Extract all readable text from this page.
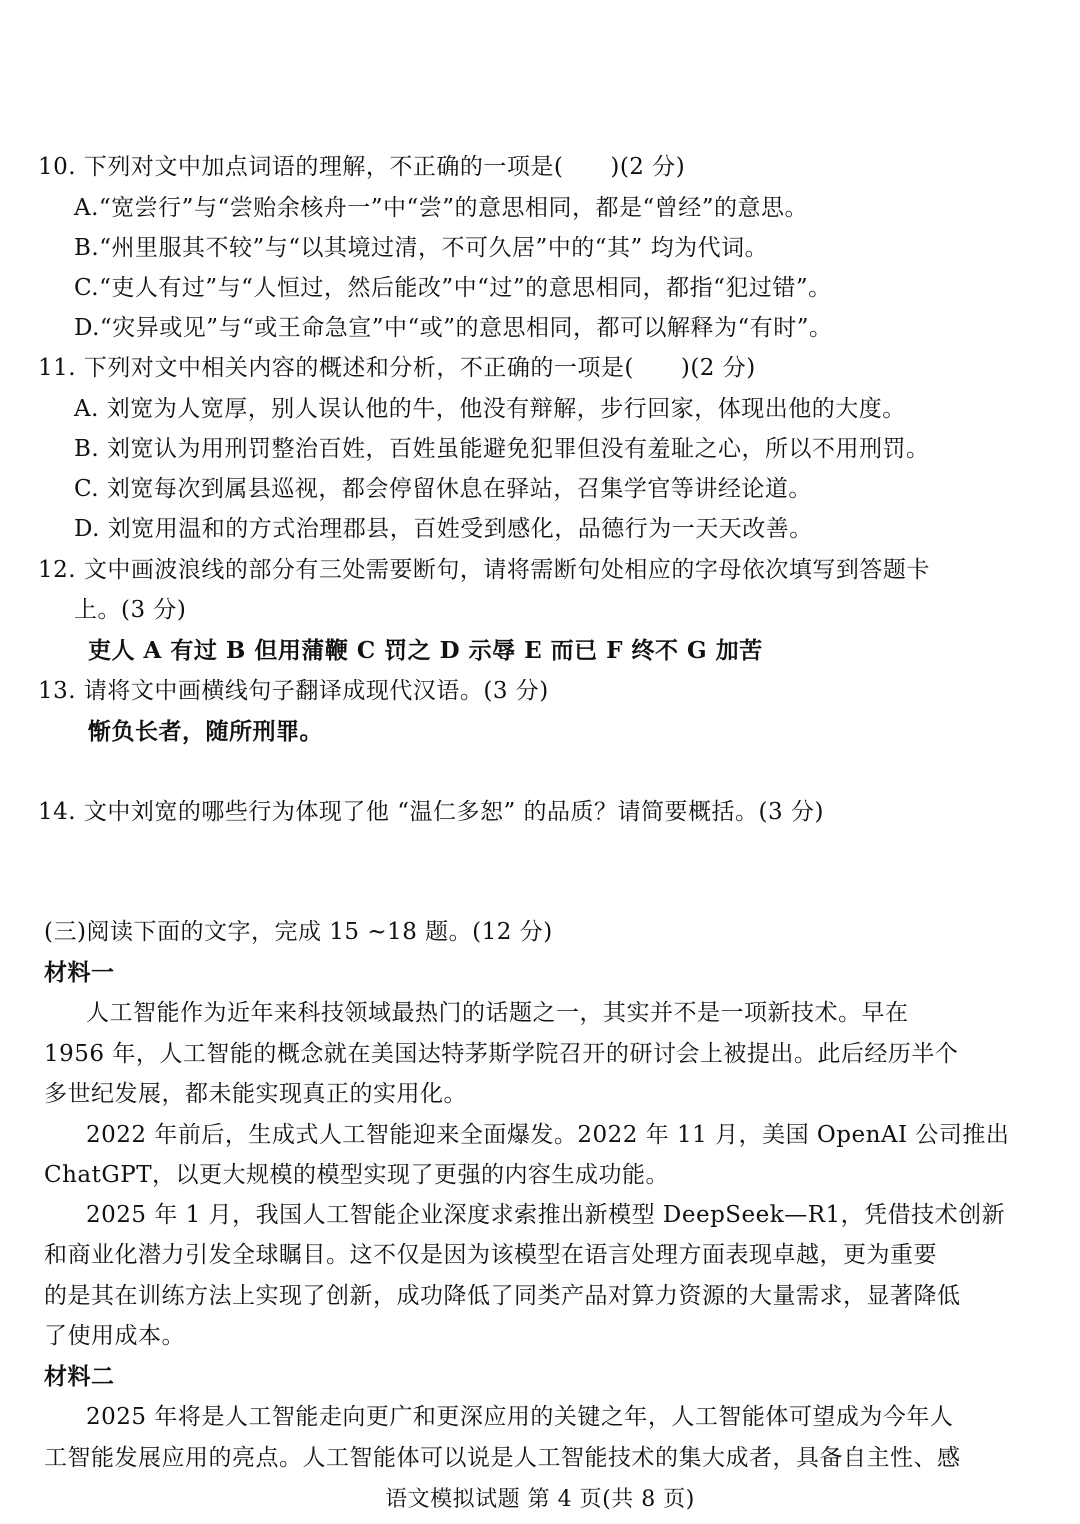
10. 下列对文中加点词语的理解，不正确的一项是(　　)(2 分)
A.“宽尝行”与“尝贻余核舟一”中“尝”的意思相同，都是“曾经”的意思。
B.“州里服其不较”与“以其境过清，不可久居”中的“其” 均为代词。
C.“吏人有过”与“人恒过，然后能改”中“过”的意思相同，都指“犯过错”。
D.“灾异或见”与“或王命急宣”中“或”的意思相同，都可以解释为“有时”。
11. 下列对文中相关内容的概述和分析，不正确的一项是(　　)(2 分)
A. 刘宽为人宽厚，别人误认他的牛，他没有辩解，步行回家，体现出他的大度。
B. 刘宽认为用刑罚整治百姓，百姓虽能避免犯罪但没有羞耻之心，所以不用刑罚。
C. 刘宽每次到属县巡视，都会停留休息在驿站，召集学官等讲经论道。
D. 刘宽用温和的方式治理郡县，百姓受到感化，品德行为一天天改善。
12. 文中画波浪线的部分有三处需要断句，请将需断句处相应的字母依次填写到答题卡
上。(3 分)
吏人 A 有过 B 但用蒲鞭 C 罚之 D 示辱 E 而已 F 终不 G 加苦
13. 请将文中画横线句子翻译成现代汉语。(3 分)
惭负长者，随所刑罪。
14. 文中刘宽的哪些行为体现了他 “温仁多恕” 的品质？请简要概括。(3 分)
(三)阅读下面的文字，完成 15 ~18 题。(12 分)
材料一
人工智能作为近年来科技领域最热门的话题之一，其实并不是一项新技术。早在
1956 年，人工智能的概念就在美国达特茅斯学院召开的研讨会上被提出。此后经历半个
多世纪发展，都未能实现真正的实用化。
2022 年前后，生成式人工智能迎来全面爆发。2022 年 11 月，美国 OpenAI 公司推出
ChatGPT，以更大规模的模型实现了更强的内容生成功能。
2025 年 1 月，我国人工智能企业深度求索推出新模型 DeepSeek—R1，凭借技术创新
和商业化潜力引发全球瞩目。这不仅是因为该模型在语言处理方面表现卓越，更为重要
的是其在训练方法上实现了创新，成功降低了同类产品对算力资源的大量需求，显著降低
了使用成本。
材料二
2025 年将是人工智能走向更广和更深应用的关键之年，人工智能体可望成为今年人
工智能发展应用的亮点。人工智能体可以说是人工智能技术的集大成者，具备自主性、感
语文模拟试题 第 4 页(共 8 页)
